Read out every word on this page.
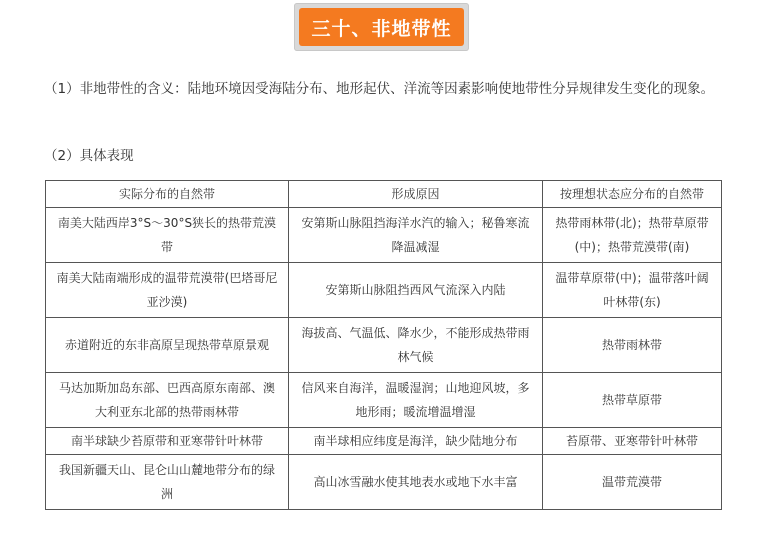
三十、非地带性
（1）非地带性的含义：陆地环境因受海陆分布、地形起伏、洋流等因素影响使地带性分异规律发生变化的现象。
（2）具体表现
实际分布的自然带	形成原因	按理想状态应分布的自然带
南美大陆西岸3°S～30°S狭长的热带荒漠带	安第斯山脉阻挡海洋水汽的输入；秘鲁寒流降温减湿	热带雨林带(北)；热带草原带(中)；热带荒漠带(南)
南美大陆南端形成的温带荒漠带(巴塔哥尼亚沙漠)	安第斯山脉阻挡西风气流深入内陆	温带草原带(中)；温带落叶阔叶林带(东)
赤道附近的东非高原呈现热带草原景观	海拔高、气温低、降水少，不能形成热带雨林气候	热带雨林带
马达加斯加岛东部、巴西高原东南部、澳大利亚东北部的热带雨林带	信风来自海洋，温暖湿润；山地迎风坡，多地形雨；暖流增温增湿	热带草原带
南半球缺少苔原带和亚寒带针叶林带	南半球相应纬度是海洋，缺少陆地分布	苔原带、亚寒带针叶林带
我国新疆天山、昆仑山山麓地带分布的绿洲	高山冰雪融水使其地表水或地下水丰富	温带荒漠带
